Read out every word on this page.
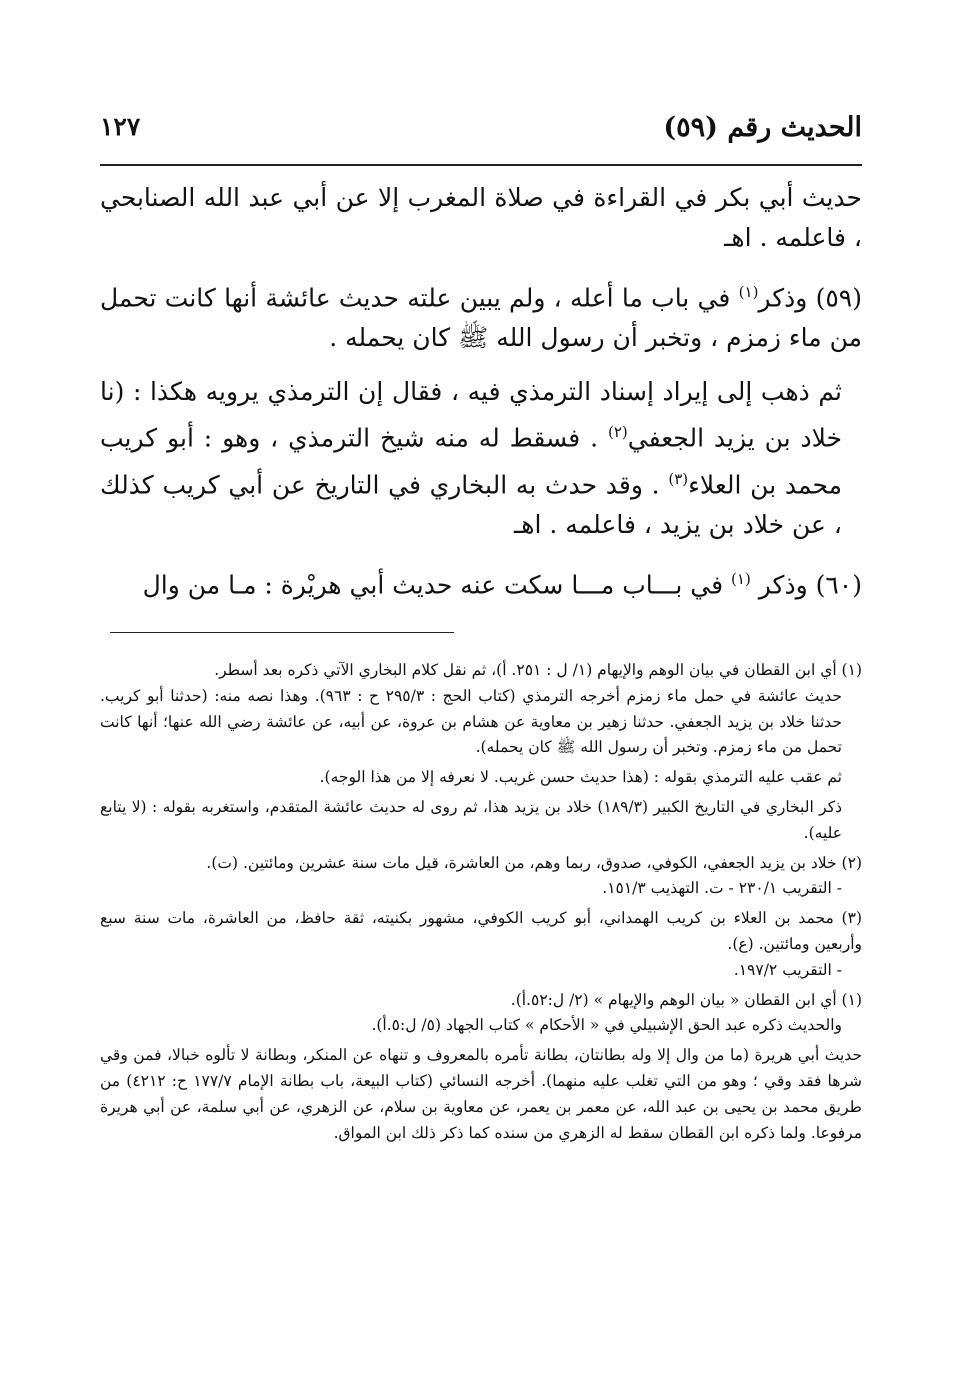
الحديث رقم (٥٩)
١٢٧

حديث أبي بكر في القراءة في صلاة المغرب إلا عن أبي عبد الله الصنابحي ، فاعلمه . اهـ

(٥٩) وذكر$^{(١)}$ في باب ما أعله ، ولم يبين علته حديث عائشة أنها كانت تحمل من ماء زمزم ، وتخبر أن رسول الله ﷺ كان يحمله .

ثم ذهب إلى إيراد إسناد الترمذي فيه ، فقال إن الترمذي يرويه هكذا : (نا خلاد بن يزيد الجعفي$^{(٢)}$ . فسقط له منه شيخ الترمذي ، وهو : أبو كريب محمد بن العلاء$^{(٣)}$ . وقد حدث به البخاري في التاريخ عن أبي كريب كذلك ، عن خلاد بن يزيد ، فاعلمه . اهـ

(٦٠) وذكر $^{(١)}$ في بـــاب مـــا سكت عنه حديث أبي هريْرة : مـا من وال

(١) أي ابن القطان في بيان الوهم والإيهام (١/ ل : ٢٥١. أ)، ثم نقل كلام البخاري الآتي ذكره بعد أسطر.

حديث عائشة في حمل ماء زمزم أخرجه الترمذي (كتاب الحج : ٢٩٥/٣ ح : ٩٦٣). وهذا نصه منه: (حدثنا أبو كريب. حدثنا خلاد بن يزيد الجعفي. حدثنا زهير بن معاوية عن هشام بن عروة، عن أبيه، عن عائشة رضي الله عنها؛ أنها كانت تحمل من ماء زمزم. وتخبر أن رسول الله ﷺ كان يحمله).

ثم عقب عليه الترمذي بقوله : (هذا حديث حسن غريب. لا نعرفه إلا من هذا الوجه).

ذكر البخاري في التاريخ الكبير (١٨٩/٣) خلاد بن يزيد هذا، ثم روى له حديث عائشة المتقدم، واستغربه بقوله : (لا يتابع عليه).

(٢) خلاد بن يزيد الجعفي، الكوفي، صدوق، ربما وهم، من العاشرة، قيل مات سنة عشرين ومائتين. (ت).

- التقريب ٢٣٠/١ - ت. التهذيب ١٥١/٣.

(٣) محمد بن العلاء بن كريب الهمداني، أبو كريب الكوفي، مشهور بكنيته، ثقة حافظ، من العاشرة، مات سنة سبع وأربعين ومائتين. (ع).

- التقريب ١٩٧/٢.

(١) أي ابن القطان « بيان الوهم والإيهام » (٢/ ل:٥٢.أ).

والحديث ذكره عبد الحق الإشبيلي في « الأحكام » كتاب الجهاد (٥/ ل:٥.أ).

حديث أبي هريرة (ما من وال إلا وله بطانتان، بطانة تأمره بالمعروف و تنهاه عن المنكر، وبطانة لا تألوه خبالا، فمن وقي شرها فقد وقي ؛ وهو من التي تغلب عليه منهما). أخرجه النسائي (كتاب البيعة، باب بطانة الإمام ١٧٧/٧ ح: ٤٢١٢) من طريق محمد بن يحيى بن عبد الله، عن معمر بن يعمر، عن معاوية بن سلام، عن الزهري، عن أبي سلمة، عن أبي هريرة مرفوعا. ولما ذكره ابن القطان سقط له الزهري من سنده كما ذكر ذلك ابن المواق.
